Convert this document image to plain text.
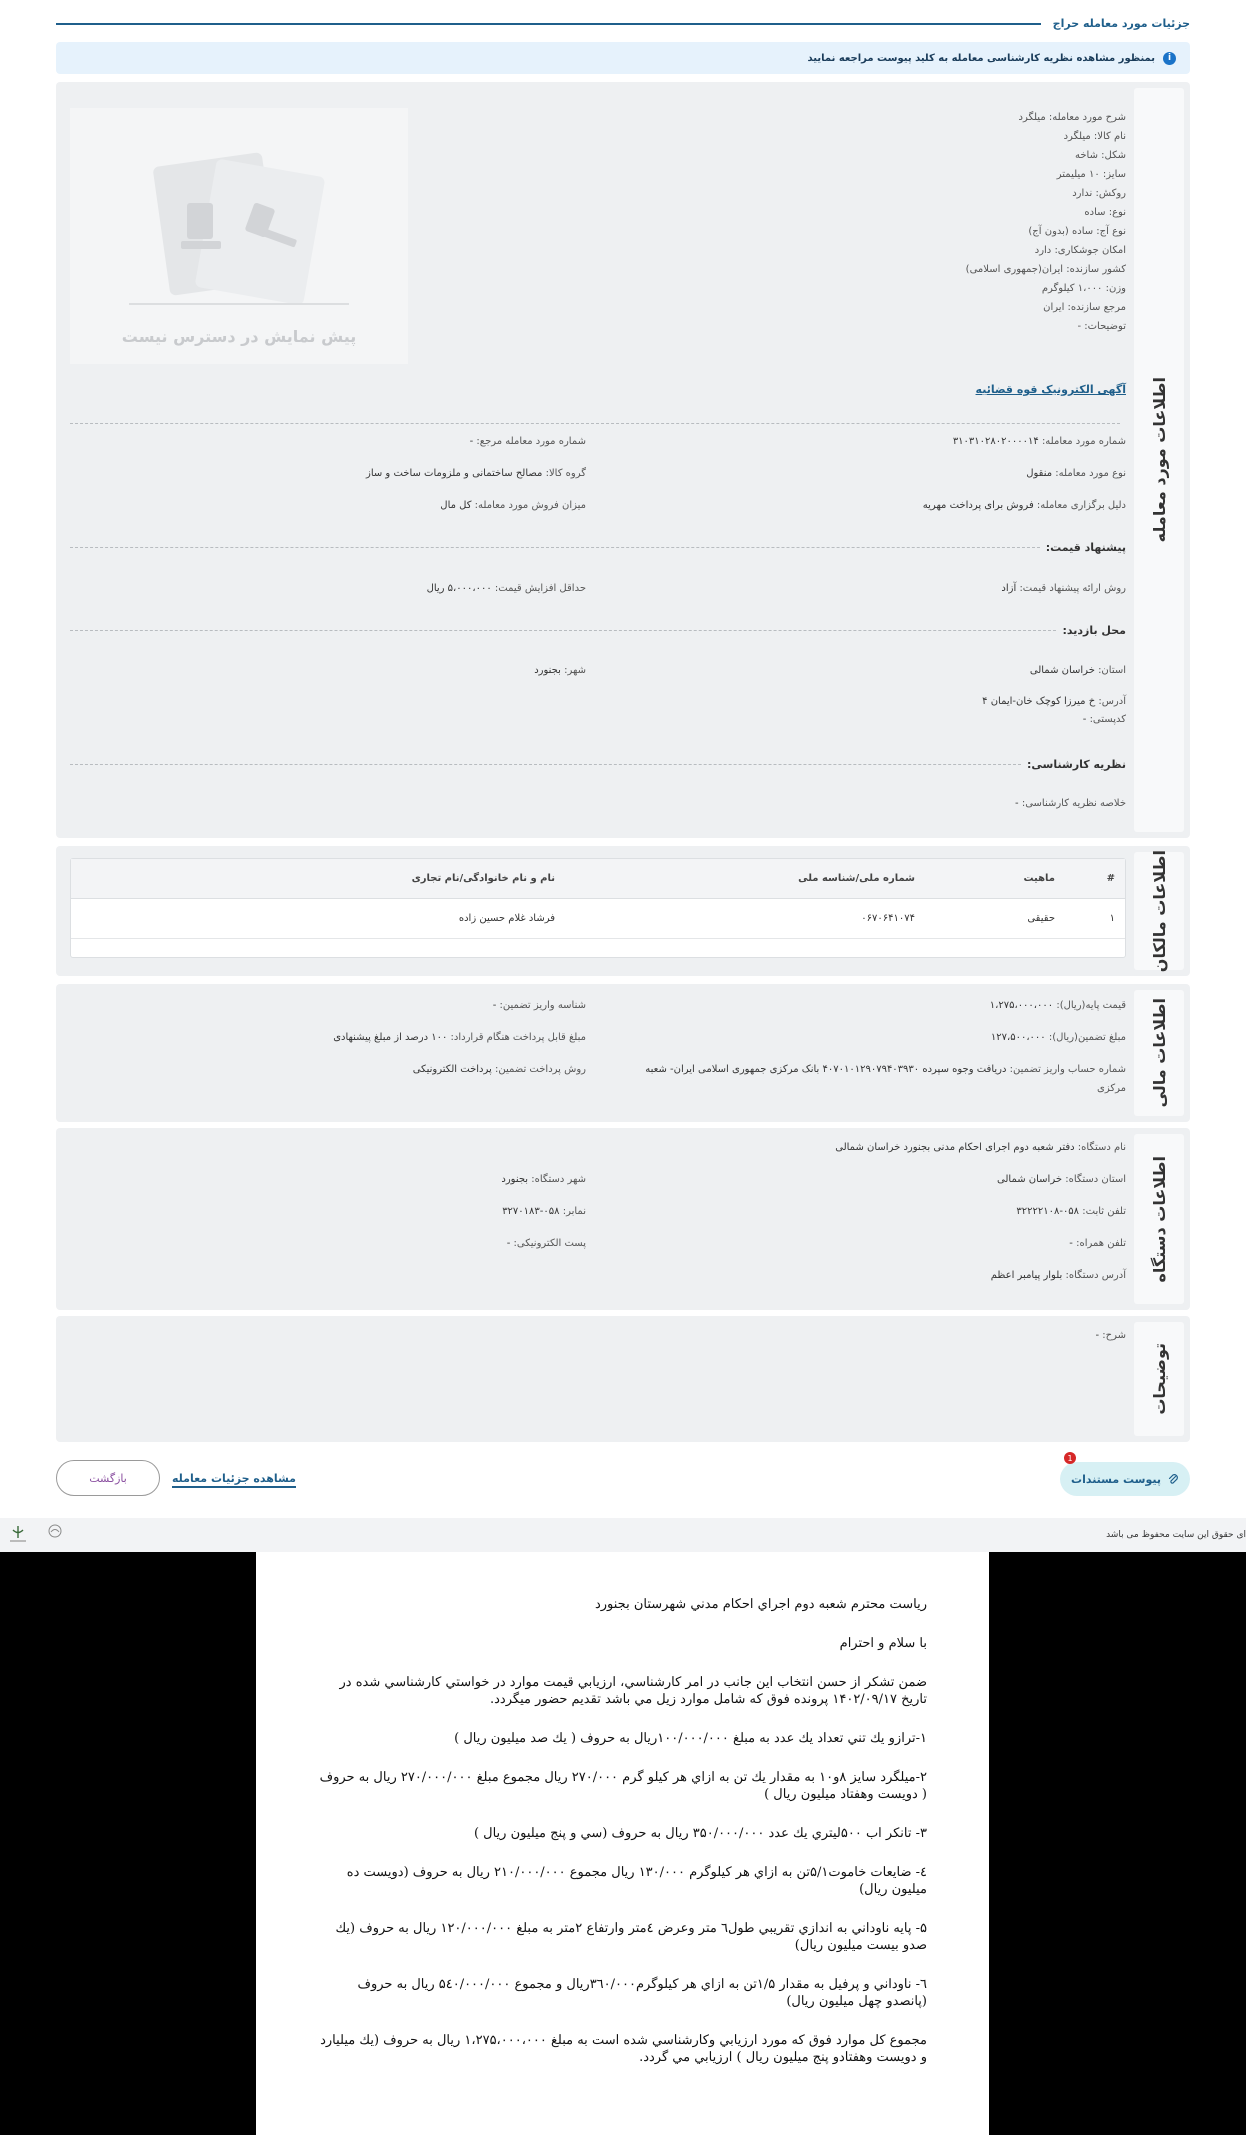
جزئیات مورد معامله حراج
i
بمنظور مشاهده نظریه کارشناسی معامله به کلید پیوست مراجعه نمایید
اطلاعات مورد معامله
شرح مورد معامله: میلگرد
نام کالا: میلگرد
شکل: شاخه
سایز: ۱۰ میلیمتر
روکش: ندارد
نوع: ساده
نوع آج: ساده (بدون آج)
امکان جوشکاری: دارد
کشور سازنده: ایران(جمهوری اسلامی)
وزن: ۱،۰۰۰ کیلوگرم
مرجع سازنده: ایران
توضیحات: -
پیش نمایش در دسترس نیست
آگهی الکترونیک قوه قضائیه
شماره مورد معامله: ۳۱۰۳۱۰۲۸۰۲۰۰۰۰۱۴
شماره مورد معامله مرجع: -
نوع مورد معامله: منقول
گروه کالا: مصالح ساختمانی و ملزومات ساخت و ساز
دلیل برگزاری معامله: فروش برای پرداخت مهریه
میزان فروش مورد معامله: کل مال
پیشنهاد قیمت:
روش ارائه پیشنهاد قیمت: آزاد
حداقل افزایش قیمت: ۵،۰۰۰،۰۰۰ ریال
محل بازدید:
استان: خراسان شمالی
شهر: بجنورد
آدرس: خ میرزا کوچک خان-ایمان ۴
کدپستی: -
نظریه کارشناسی:
خلاصه نظریه کارشناسی: -
اطلاعات مالکان
#
ماهیت
شماره ملی/شناسه ملی
نام و نام خانوادگی/نام تجاری
۱
حقیقی
۰۶۷۰۶۴۱۰۷۴
فرشاد غلام حسین زاده
اطلاعات مالی
قیمت پایه(ریال): ۱،۲۷۵،۰۰۰،۰۰۰
شناسه واریز تضمین: -
مبلغ تضمین(ریال): ۱۲۷،۵۰۰،۰۰۰
مبلغ قابل پرداخت هنگام قرارداد: ۱۰۰ درصد از مبلغ پیشنهادی
شماره حساب واریز تضمین: دریافت وجوه سپرده ۴۰۷۰۱۰۱۲۹۰۷۹۴۰۳۹۳۰ بانک مرکزی جمهوری اسلامی ایران- شعبه
مرکزی
روش پرداخت تضمین: پرداخت الکترونیکی
اطلاعات دستگاه
نام دستگاه: دفتر شعبه دوم اجرای احکام مدنی بجنورد خراسان شمالی
استان دستگاه: خراسان شمالی
شهر دستگاه: بجنورد
تلفن ثابت: ۰۵۸-۳۲۲۲۲۱۰۸
نمابر: ۰۵۸-۳۲۷۰۱۸۳
تلفن همراه: -
پست الکترونیکی: -
آدرس دستگاه: بلوار پیامبر اعظم
توضیحات
شرح: -
پیوست مستندات
1
مشاهده جزئیات معامله
بازگشت
ای حقوق این سایت محفوظ می باشد

ریاست محترم شعبه دوم اجراي احكام مدني شهرستان بجنورد

با سلام و احترام

ضمن تشكر از حسن انتخاب اين جانب در امر كارشناسي، ارزيابي قيمت موارد در خواستي كارشناسي شده در تاريخ ۱۴۰۲/۰۹/۱۷ پرونده فوق كه شامل موارد زيل مي باشد تقديم حضور ميگردد.

۱-ترازو يك تني تعداد يك عدد به مبلغ ۱۰۰/۰۰۰/۰۰۰ريال به حروف ( يك صد ميليون ريال )

۲-ميلگرد سايز ۸و۱۰ به مقدار يك تن به ازاي هر كيلو گرم ۲۷۰/۰۰۰ ريال مجموع مبلغ ۲۷۰/۰۰۰/۰۰۰ ريال به حروف ( دويست وهفتاد ميليون ريال )

۳- تانكر اب ۵۰۰ليتري يك عدد ۳۵۰/۰۰۰/۰۰۰ ريال به حروف (سي و پنج ميليون ريال )

٤- ضايعات خاموت۵/۱تن به ازاي هر كيلوگرم ۱۳۰/۰۰۰ ريال مجموع ۲۱۰/۰۰۰/۰۰۰ ريال به حروف (دويست ده ميليون ريال)

۵- پايه ناوداني به اندازي تقريبي طول٦ متر وعرض ٤متر وارتفاع ۲متر به مبلغ ۱۲۰/۰۰۰/۰۰۰ ريال به حروف (يك صدو بيست ميليون ريال)

٦- ناوداني و پرفيل به مقدار ۱/۵تن به ازاي هر كيلوگرم۳٦۰/۰۰۰ريال و مجموع ۵٤۰/۰۰۰/۰۰۰ ريال به حروف (پانصدو چهل ميليون ريال)

مجموع كل موارد فوق كه مورد ارزيابي وكارشناسي شده است به مبلغ ۱،۲۷۵،۰۰۰،۰۰۰ ريال به حروف (يك ميليارد و دويست وهفتادو پنج ميليون ريال ) ارزيابي مي گردد.
